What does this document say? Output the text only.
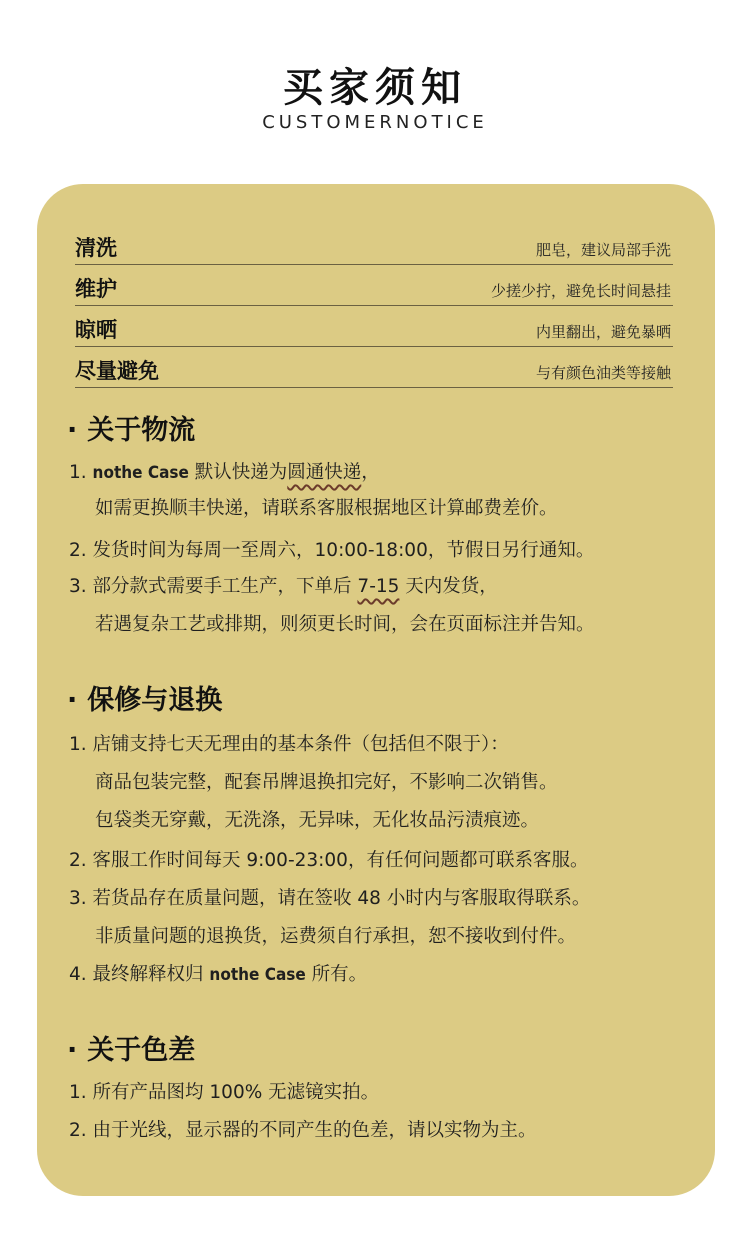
买家须知
CUSTOMERNOTICE
清洗	肥皂，建议局部手洗
维护	少搓少拧，避免长时间悬挂
晾晒	内里翻出，避免暴晒
尽量避免	与有颜色油类等接触
· 关于物流
1. nothe Case 默认快递为圆通快递，
如需更换顺丰快递，请联系客服根据地区计算邮费差价。
2. 发货时间为每周一至周六，10:00-18:00，节假日另行通知。
3. 部分款式需要手工生产，下单后 7-15 天内发货，
若遇复杂工艺或排期，则须更长时间，会在页面标注并告知。
· 保修与退换
1. 店铺支持七天无理由的基本条件（包括但不限于）：
商品包装完整，配套吊牌退换扣完好，不影响二次销售。
包袋类无穿戴，无洗涤，无异味，无化妆品污渍痕迹。
2. 客服工作时间每天 9:00-23:00，有任何问题都可联系客服。
3. 若货品存在质量问题，请在签收 48 小时内与客服取得联系。
非质量问题的退换货，运费须自行承担，恕不接收到付件。
4. 最终解释权归 nothe Case 所有。
· 关于色差
1. 所有产品图均 100% 无滤镜实拍。
2. 由于光线，显示器的不同产生的色差，请以实物为主。
